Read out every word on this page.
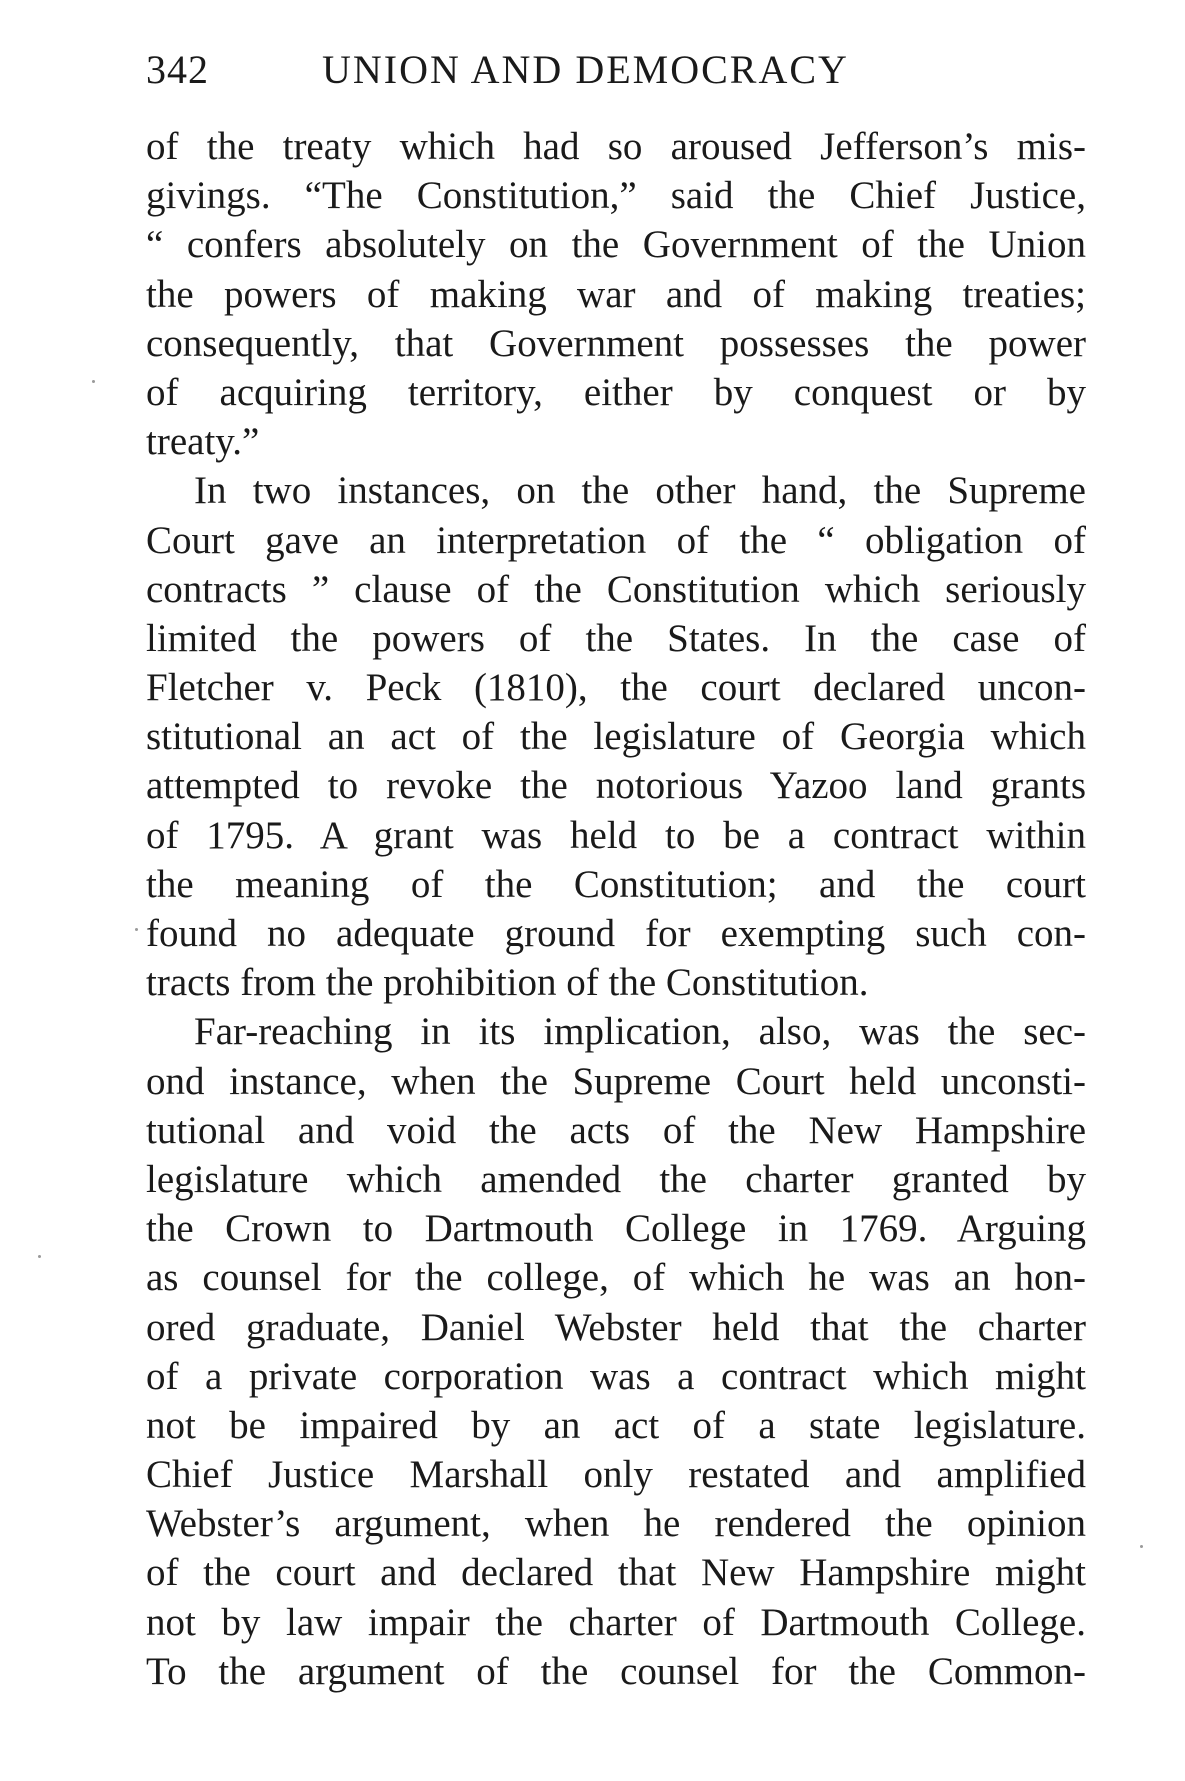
342	UNION AND DEMOCRACY
of the treaty which had so aroused Jefferson’s mis-
givings. “The Constitution,” said the Chief Justice,
“ confers absolutely on the Government of the Union
the powers of making war and of making treaties;
consequently, that Government possesses the power
of acquiring territory, either by conquest or by
treaty.”
In two instances, on the other hand, the Supreme
Court gave an interpretation of the “ obligation of
contracts ” clause of the Constitution which seriously
limited the powers of the States. In the case of
Fletcher v. Peck (1810), the court declared uncon-
stitutional an act of the legislature of Georgia which
attempted to revoke the notorious Yazoo land grants
of 1795. A grant was held to be a contract within
the meaning of the Constitution; and the court
found no adequate ground for exempting such con-
tracts from the prohibition of the Constitution.
Far-reaching in its implication, also, was the sec-
ond instance, when the Supreme Court held unconsti-
tutional and void the acts of the New Hampshire
legislature which amended the charter granted by
the Crown to Dartmouth College in 1769. Arguing
as counsel for the college, of which he was an hon-
ored graduate, Daniel Webster held that the charter
of a private corporation was a contract which might
not be impaired by an act of a state legislature.
Chief Justice Marshall only restated and amplified
Webster’s argument, when he rendered the opinion
of the court and declared that New Hampshire might
not by law impair the charter of Dartmouth College.
To the argument of the counsel for the Common-
